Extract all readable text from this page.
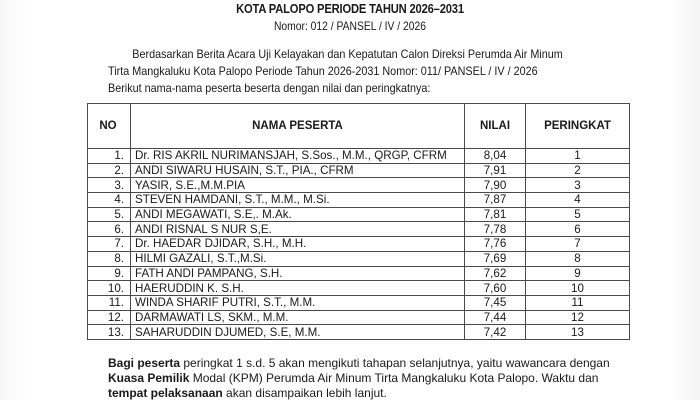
KOTA PALOPO PERIODE TAHUN 2026–2031
Nomor: 012 / PANSEL / IV / 2026
Berdasarkan Berita Acara Uji Kelayakan dan Kepatutan Calon Direksi Perumda Air Minum
Tirta Mangkaluku Kota Palopo Periode Tahun 2026-2031 Nomor: 011/ PANSEL / IV / 2026
Berikut nama-nama peserta beserta dengan nilai dan peringkatnya:
NO	NAMA PESERTA	NILAI	PERINGKAT
1.	Dr. RIS AKRIL NURIMANSJAH, S.Sos., M.M., QRGP, CFRM	8,04	1
2.	ANDI SIWARU HUSAIN, S.T., PIA., CFRM	7,91	2
3.	YASIR, S.E.,M.M.PIA	7,90	3
4.	STEVEN HAMDANI, S.T., M.M., M.Si.	7,87	4
5.	ANDI MEGAWATI, S.E,. M.Ak.	7,81	5
6.	ANDI RISNAL S NUR S,E.	7,78	6
7.	Dr. HAEDAR DJIDAR, S.H., M.H.	7,76	7
8.	HILMI GAZALI, S.T.,M.Si.	7,69	8
9.	FATH ANDI PAMPANG, S.H.	7,62	9
10.	HAERUDDIN K. S.H.	7,60	10
11.	WINDA SHARIF PUTRI, S.T., M.M.	7,45	11
12.	DARMAWATI LS, SKM., M.M.	7,44	12
13.	SAHARUDDIN DJUMED, S.E, M.M.	7,42	13
Bagi peserta peringkat 1 s.d. 5 akan mengikuti tahapan selanjutnya, yaitu wawancara dengan
Kuasa Pemilik Modal (KPM) Perumda Air Minum Tirta Mangkaluku Kota Palopo. Waktu dan
tempat pelaksanaan akan disampaikan lebih lanjut.
